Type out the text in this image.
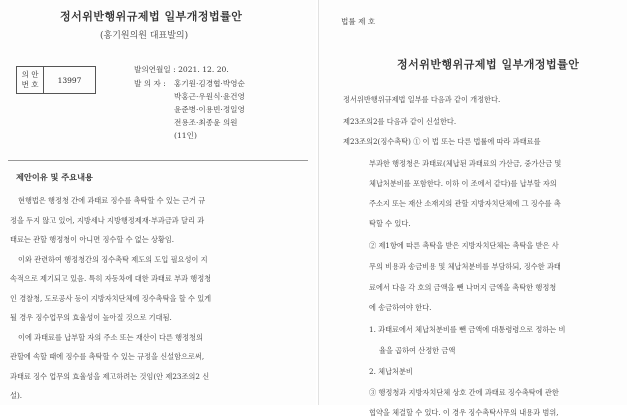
정서위반행위규제법 일부개정법률안
(홍기원의원 대표발의)
의 안
번 호	13997
발의연월일 : 2021. 12. 20.
발 의 자 : 홍기원·김경협·박영순
박홍근·우원식·윤건영
윤준병·이용빈·정일영
전용조·최종윤 의원
(11인)
제안이유 및 주요내용
현행법은 행정청 간에 과태료 징수를 촉탁할 수 있는 근거 규
정을 두지 않고 있어, 지방세나 지방행정제재·부과금과 달리 과
태료는 관할 행정청이 아니면 징수할 수 없는 상황임.
이와 관련하여 행정청간의 징수촉탁 제도의 도입 필요성이 지
속적으로 제기되고 있음. 특히 자동차에 대한 과태료 부과 행정청
인 경찰청, 도로공사 등이 지방자치단체에 징수촉탁을 할 수 있게
될 경우 징수업무의 효율성이 높아질 것으로 기대됨.
이에 과태료를 납부할 자의 주소 또는 재산이 다른 행정청의
관할에 속할 때에 징수를 촉탁할 수 있는 규정을 신설함으로써,
과태료 징수 업무의 효율성을 제고하려는 것임(안 제23조의2 신
설).
법률 제 호
정서위반행위규제법 일부개정법률안
정서위반행위규제법 일부를 다음과 같이 개정한다.
제23조의2를 다음과 같이 신설한다.
제23조의2(징수촉탁) ① 이 법 또는 다른 법률에 따라 과태료를
부과한 행정청은 과태료(체납된 과태료의 가산금, 중가산금 및
체납처분비를 포함한다. 이하 이 조에서 같다)를 납부할 자의
주소지 또는 재산 소재지의 관할 지방자치단체에 그 징수를 촉
탁할 수 있다.
② 제1항에 따른 촉탁을 받은 지방자치단체는 촉탁을 받은 사
무의 비용과 송금비용 및 체납처분비를 부담하되, 징수한 과태
료에서 다음 각 호의 금액을 뺀 나머지 금액을 촉탁한 행정청
에 송금하여야 한다.
1. 과태료에서 체납처분비를 뺀 금액에 대통령령으로 정하는 비
율을 곱하여 산정한 금액
2. 체납처분비
③ 행정청과 지방자치단체 상호 간에 과태료 징수촉탁에 관한
협약을 체결할 수 있다. 이 경우 징수촉탁사무의 내용과 범위,
